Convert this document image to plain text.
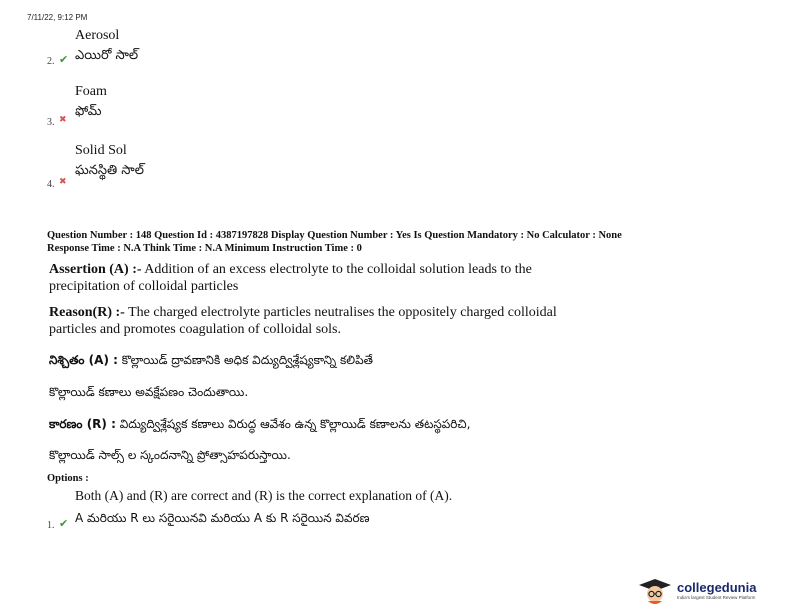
7/11/22, 9:12 PM
Aerosol
2. ✔ ఎయిరో సాల్
Foam
3. ✖
ఫోమ్
Solid Sol
4. ✖
ఘనస్థితి సాల్
Question Number : 148 Question Id : 4387197828 Display Question Number : Yes Is Question Mandatory : No Calculator : None
Response Time : N.A Think Time : N.A Minimum Instruction Time : 0
Assertion (A) :- Addition of an excess electrolyte to the colloidal solution leads to the precipitation of colloidal particles
Reason(R) :- The charged electrolyte particles neutralises the oppositely charged colloidal particles and promotes coagulation of colloidal sols.
నిశ్చితం (A) : కొల్లాయిడ్ ద్రావణానికి అధిక విద్యుద్విశ్లేష్యకాన్ని కలిపితే
కొల్లాయిడ్ కణాలు అవక్షేపణం చెందుతాయి.
కారణం (R) : విద్యుద్విశ్లేష్యక కణాలు విరుద్ధ ఆవేశం ఉన్న కొల్లాయిడ్ కణాలను తటస్థపరిచి,
కొల్లాయిడ్ సాల్స్ ల స్కందనాన్ని ప్రోత్సాహపరుస్తాయి.
Options :
Both (A) and (R) are correct and (R) is the correct explanation of (A).
1. ✔ A మరియు R లు సరైయినవి మరియు A కు R సరైయిన వివరణ
collegedunia
India's largest Student Review Platform
